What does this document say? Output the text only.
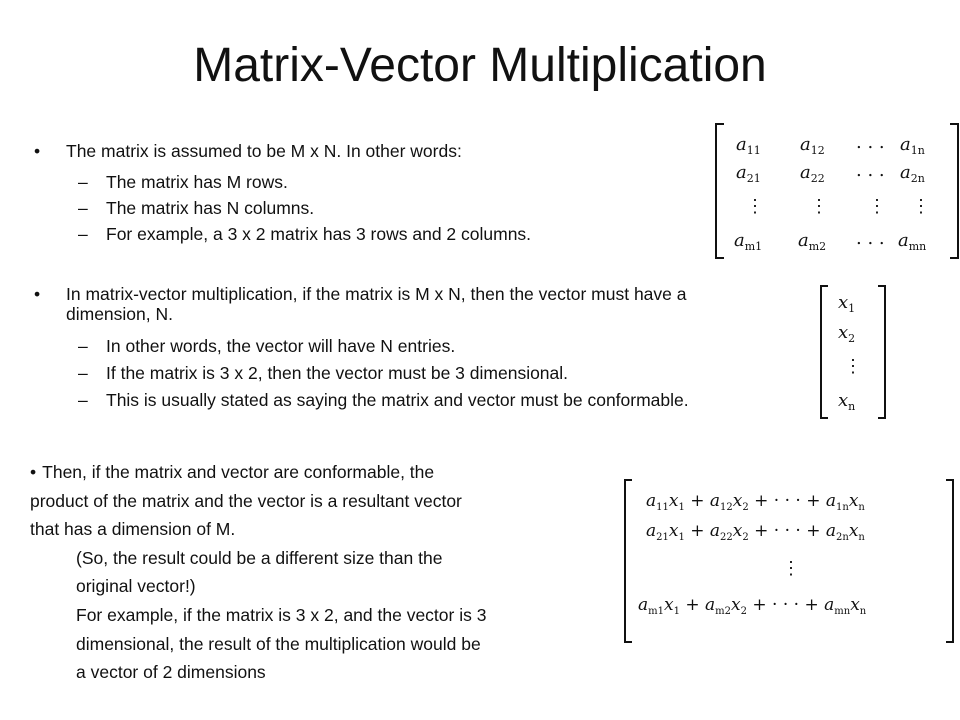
Matrix-Vector Multiplication

• The matrix is assumed to be M x N. In other words:

– The matrix has M rows.

– The matrix has N columns.

– For example, a 3 x 2 matrix has 3 rows and 2 columns.

• In matrix-vector multiplication, if the matrix is M x N, then the vector must have a dimension, N.

– In other words, the vector will have N entries.

– If the matrix is 3 x 2, then the vector must be 3 dimensional.

– This is usually stated as saying the matrix and vector must be conformable.

• Then, if the matrix and vector are conformable, the

product of the matrix and the vector is a resultant vector

that has a dimension of M.

(So, the result could be a different size than the

original vector!)

For example, if the matrix is 3 x 2, and the vector is 3

dimensional, the result of the multiplication would be

a vector of 2 dimensions

$a_{11}$ $a_{12}$ . . . $a_{1n}$
$a_{21}$ $a_{22}$ . . . $a_{2n}$
⋮	⋮ ⋮ ⋮
$a_{m1}$ $a_{m2}$ . . . $a_{mn}$
$x_1$
$x_2$
⋮
$x_n$
$a_{11}x_1 + a_{12}x_2$ + · · · + $a_{1n}x_n$
$a_{21}x_1 + a_{22}x_2$ + · · · + $a_{2n}x_n$
⋮
$a_{m1}x_1 + a_{m2}x_2$ + · · · + $a_{mn}x_n$
